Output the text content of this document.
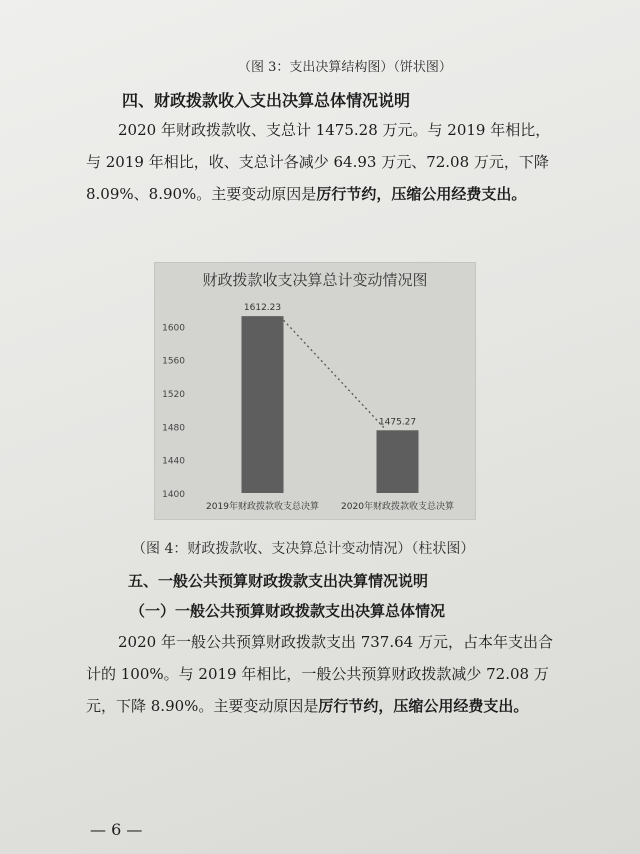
（图 3：支出决算结构图）（饼状图）
四、财政拨款收入支出决算总体情况说明
2020 年财政拨款收、支总计 1475.28 万元。与 2019 年相比，与 2019 年相比，收、支总计各减少 64.93 万元、72.08 万元，下降 8.09%、8.90%。主要变动原因是厉行节约，压缩公用经费支出。
财政拨款收支决算总计变动情况图
1400
1440
1480
1520
1560
1600
1612.23
2019年财政拨款收支总决算
1475.27
2020年财政拨款收支总决算
（图 4：财政拨款收、支决算总计变动情况）（柱状图）
五、一般公共预算财政拨款支出决算情况说明
（一）一般公共预算财政拨款支出决算总体情况
2020 年一般公共预算财政拨款支出 737.64 万元，占本年支出合计的 100%。与 2019 年相比，一般公共预算财政拨款减少 72.08 万元，下降 8.90%。主要变动原因是厉行节约，压缩公用经费支出。
— 6 —
